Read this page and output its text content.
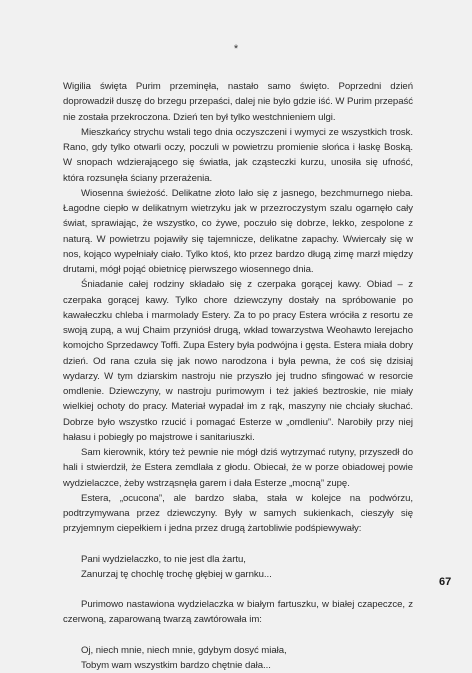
*

Wigilia święta Purim przeminęła, nastało samo święto. Poprzedni dzień doprowadził duszę do brzegu przepaści, dalej nie było gdzie iść. W Purim przepaść nie została przekroczona. Dzień ten był tylko westchnieniem ulgi.

Mieszkańcy strychu wstali tego dnia oczyszczeni i wymyci ze wszystkich trosk. Rano, gdy tylko otwarli oczy, poczuli w powietrzu promienie słońca i łaskę Boską. W snopach wdzierającego się światła, jak cząsteczki kurzu, unosiła się ufność, która rozsunęła ściany przerażenia.

Wiosenna świeżość. Delikatne złoto lało się z jasnego, bezchmurnego nieba. Łagodne ciepło w delikatnym wietrzyku jak w przezroczystym szalu ogarnęło cały świat, sprawiając, że wszystko, co żywe, poczuło się dobrze, lekko, zespolone z naturą. W powietrzu pojawiły się tajemnicze, delikatne zapachy. Wwiercały się w nos, kojąco wypełniały ciało. Tylko ktoś, kto przez bardzo długą zimę marzł między drutami, mógł pojąć obietnicę pierwszego wiosennego dnia.

Śniadanie całej rodziny składało się z czerpaka gorącej kawy. Obiad – z czerpaka gorącej kawy. Tylko chore dziewczyny dostały na spróbowanie po kawałeczku chleba i marmolady Estery. Za to po pracy Estera wróciła z resortu ze swoją zupą, a wuj Chaim przyniósł drugą, wkład towarzystwa Weohawto lerejacho komojcho Sprzedawcy Toffi. Zupa Estery była podwójna i gęsta. Estera miała dobry dzień. Od rana czuła się jak nowo narodzona i była pewna, że coś się dzisiaj wydarzy. W tym dziarskim nastroju nie przyszło jej trudno sfingować w resorcie omdlenie. Dziewczyny, w nastroju purimowym i też jakieś beztroskie, nie miały wielkiej ochoty do pracy. Materiał wypadał im z rąk, maszyny nie chciały słuchać. Dobrze było wszystko rzucić i pomagać Esterze w „omdleniu”. Narobiły przy niej hałasu i pobiegły po majstrowe i sanitariuszki.

Sam kierownik, który też pewnie nie mógł dziś wytrzymać rutyny, przyszedł do hali i stwierdził, że Estera zemdlała z głodu. Obiecał, że w porze obiadowej powie wydzielaczce, żeby wstrząsnęła garem i dała Esterze „mocną” zupę.

Estera, „ocucona”, ale bardzo słaba, stała w kolejce na podwórzu, podtrzymywana przez dziewczyny. Były w samych sukienkach, cieszyły się przyjemnym ciepełkiem i jedna przez drugą żartobliwie podśpiewywały:

Pani wydzielaczko, to nie jest dla żartu,
Zanurzaj tę chochlę trochę głębiej w garnku...

Purimowo nastawiona wydzielaczka w białym fartuszku, w białej czapeczce, z czerwoną, zaparowaną twarzą zawtórowała im:

Oj, niech mnie, niech mnie, gdybym dosyć miała,
Tobym wam wszystkim bardzo chętnie dała...
67
